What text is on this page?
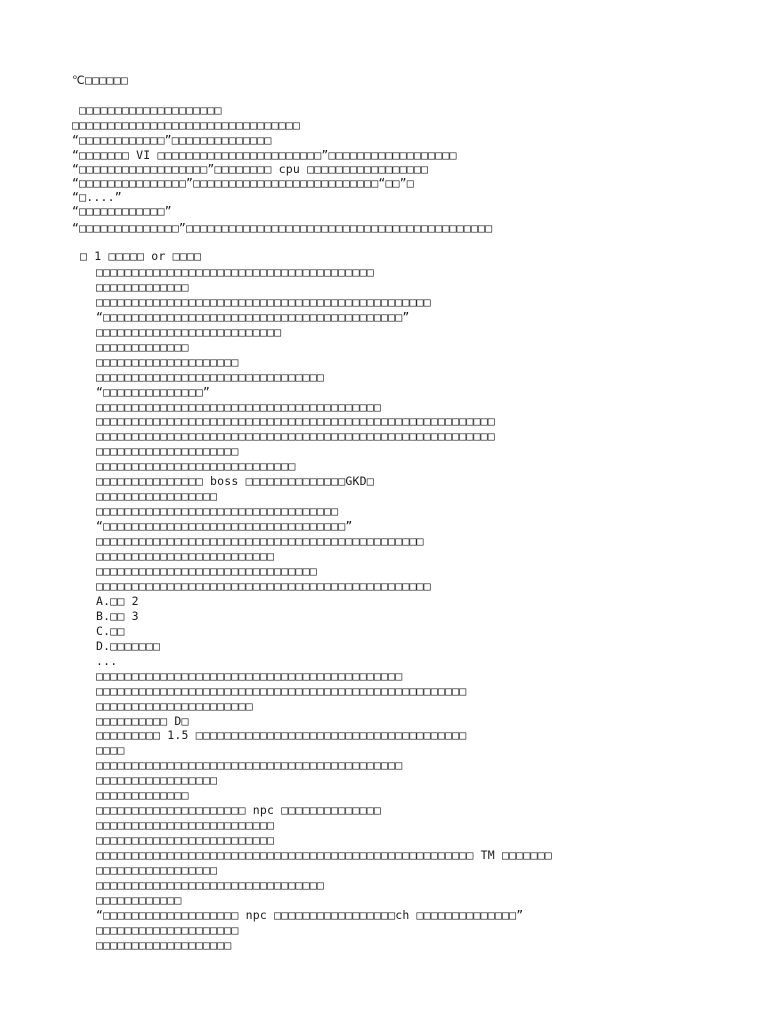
℃□□□□□□
□□□□□□□□□□□□□□□□□□□□
□□□□□□□□□□□□□□□□□□□□□□□□□□□□□□□□
“□□□□□□□□□□□□”□□□□□□□□□□□□□□
“□□□□□□□ VI □□□□□□□□□□□□□□□□□□□□□□□”□□□□□□□□□□□□□□□□□□
“□□□□□□□□□□□□□□□□□□”□□□□□□□□ cpu □□□□□□□□□□□□□□□□□
“□□□□□□□□□□□□□□□”□□□□□□□□□□□□□□□□□□□□□□□□□□“□□”□
“□....”
“□□□□□□□□□□□□”
“□□□□□□□□□□□□□□”□□□□□□□□□□□□□□□□□□□□□□□□□□□□□□□□□□□□□□□□□□□
□ 1 □□□□□ or □□□□
□□□□□□□□□□□□□□□□□□□□□□□□□□□□□□□□□□□□□□□
□□□□□□□□□□□□□
□□□□□□□□□□□□□□□□□□□□□□□□□□□□□□□□□□□□□□□□□□□□□□□
“□□□□□□□□□□□□□□□□□□□□□□□□□□□□□□□□□□□□□□□□□□”
□□□□□□□□□□□□□□□□□□□□□□□□□□
□□□□□□□□□□□□□
□□□□□□□□□□□□□□□□□□□□
□□□□□□□□□□□□□□□□□□□□□□□□□□□□□□□□
“□□□□□□□□□□□□□□”
□□□□□□□□□□□□□□□□□□□□□□□□□□□□□□□□□□□□□□□□
□□□□□□□□□□□□□□□□□□□□□□□□□□□□□□□□□□□□□□□□□□□□□□□□□□□□□□□□
□□□□□□□□□□□□□□□□□□□□□□□□□□□□□□□□□□□□□□□□□□□□□□□□□□□□□□□□
□□□□□□□□□□□□□□□□□□□□
□□□□□□□□□□□□□□□□□□□□□□□□□□□□
□□□□□□□□□□□□□□□ boss □□□□□□□□□□□□□□GKD□
□□□□□□□□□□□□□□□□□
□□□□□□□□□□□□□□□□□□□□□□□□□□□□□□□□□□
“□□□□□□□□□□□□□□□□□□□□□□□□□□□□□□□□□□”
□□□□□□□□□□□□□□□□□□□□□□□□□□□□□□□□□□□□□□□□□□□□□□
□□□□□□□□□□□□□□□□□□□□□□□□□
□□□□□□□□□□□□□□□□□□□□□□□□□□□□□□□
□□□□□□□□□□□□□□□□□□□□□□□□□□□□□□□□□□□□□□□□□□□□□□□
A.□□ 2
B.□□ 3
C.□□
D.□□□□□□□
...
□□□□□□□□□□□□□□□□□□□□□□□□□□□□□□□□□□□□□□□□□□□
□□□□□□□□□□□□□□□□□□□□□□□□□□□□□□□□□□□□□□□□□□□□□□□□□□□□
□□□□□□□□□□□□□□□□□□□□□□
□□□□□□□□□□ D□
□□□□□□□□□ 1.5 □□□□□□□□□□□□□□□□□□□□□□□□□□□□□□□□□□□□□□
□□□□
□□□□□□□□□□□□□□□□□□□□□□□□□□□□□□□□□□□□□□□□□□□
□□□□□□□□□□□□□□□□□
□□□□□□□□□□□□□
□□□□□□□□□□□□□□□□□□□□□ npc □□□□□□□□□□□□□□
□□□□□□□□□□□□□□□□□□□□□□□□□
□□□□□□□□□□□□□□□□□□□□□□□□□
□□□□□□□□□□□□□□□□□□□□□□□□□□□□□□□□□□□□□□□□□□□□□□□□□□□□□ TM □□□□□□□
□□□□□□□□□□□□□□□□□
□□□□□□□□□□□□□□□□□□□□□□□□□□□□□□□□
□□□□□□□□□□□□
“□□□□□□□□□□□□□□□□□□□ npc □□□□□□□□□□□□□□□□□ch □□□□□□□□□□□□□□”
□□□□□□□□□□□□□□□□□□□□
□□□□□□□□□□□□□□□□□□□
